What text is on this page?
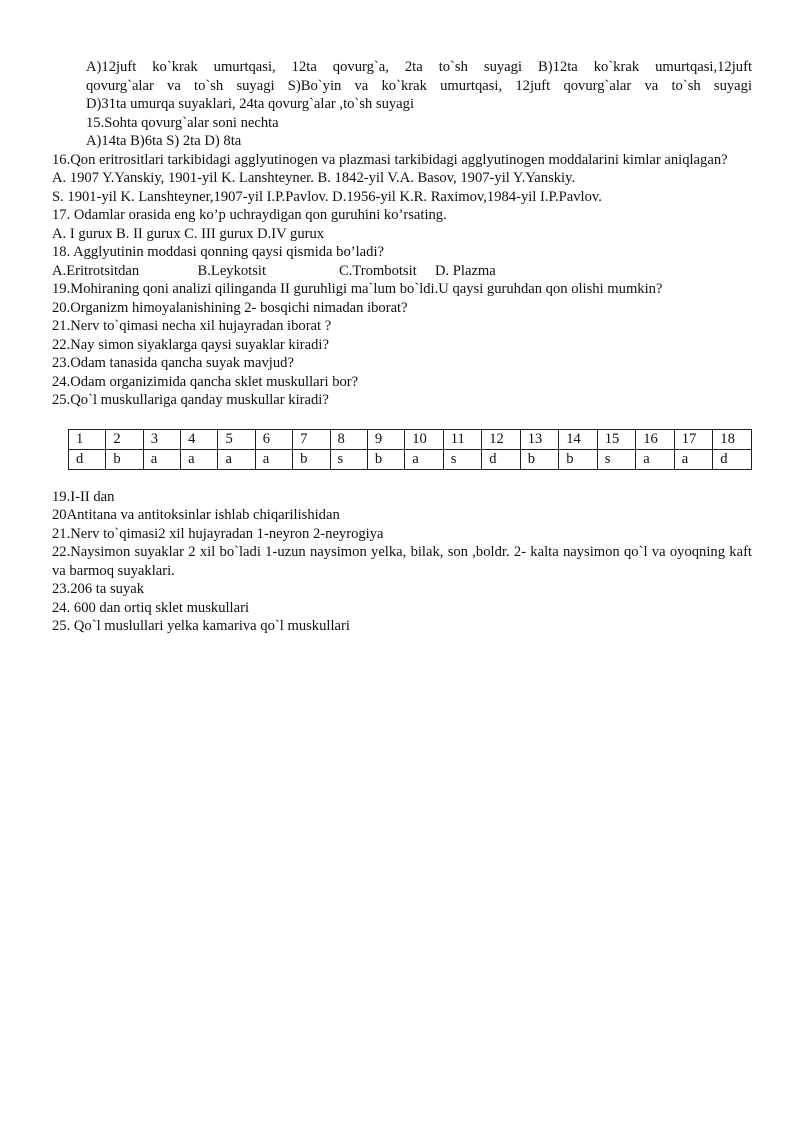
A)12juft ko`krak umurtqasi, 12ta qovurg`a, 2ta to`sh suyagi B)12ta ko`krak umurtqasi,12juft
qovurg`alar va to`sh suyagi S)Bo`yin va ko`krak umurtqasi, 12juft qovurg`alar va to`sh suyagi
D)31ta umurqa suyaklari, 24ta qovurg`alar ,to`sh suyagi
15.Sohta qovurg`alar soni nechta
A)14ta B)6ta S) 2ta D) 8ta
16.Qon eritrositlari tarkibidagi agglyutinogen va plazmasi tarkibidagi agglyutinogen moddalarini kimlar aniqlagan?
A. 1907 Y.Yanskiy, 1901-yil K. Lanshteyner. B. 1842-yil V.A. Basov, 1907-yil Y.Yanskiy.
S. 1901-yil K. Lanshteyner,1907-yil I.P.Pavlov. D.1956-yil K.R. Raximov,1984-yil I.P.Pavlov.
17. Odamlar orasida eng ko’p uchraydigan qon guruhini ko’rsating.
A. I gurux B. II gurux C. III gurux D.IV gurux
18. Agglyutinin moddasi qonning qaysi qismida bo’ladi?
A.Eritrotsitdan                B.Leykotsit                    C.Trombotsit     D. Plazma
19.Mohiraning qoni analizi qilinganda II guruhligi ma`lum bo`ldi.U qaysi guruhdan qon olishi mumkin?
20.Organizm himoyalanishining 2- bosqichi nimadan iborat?
21.Nerv to`qimasi necha xil hujayradan iborat ?
22.Nay simon siyaklarga qaysi suyaklar kiradi?
23.Odam tanasida qancha suyak mavjud?
24.Odam organizimida qancha sklet muskullari bor?
25.Qo`l muskullariga qanday muskullar kiradi?
1	2	3	4	5	6	7	8	9	10	11	12	13	14	15	16	17	18
d	b	a	a	a	a	b	s	b	a	s	d	b	b	s	a	a	d
19.I-II dan
20Antitana va antitoksinlar ishlab chiqarilishidan
21.Nerv to`qimasi2 xil hujayradan 1-neyron 2-neyrogiya
22.Naysimon suyaklar 2 xil bo`ladi 1-uzun naysimon yelka, bilak, son ,boldr. 2- kalta naysimon qo`l va oyoqning kaft va barmoq suyaklari.
23.206 ta suyak
24. 600 dan ortiq sklet muskullari
25. Qo`l muslullari yelka kamariva qo`l muskullari
